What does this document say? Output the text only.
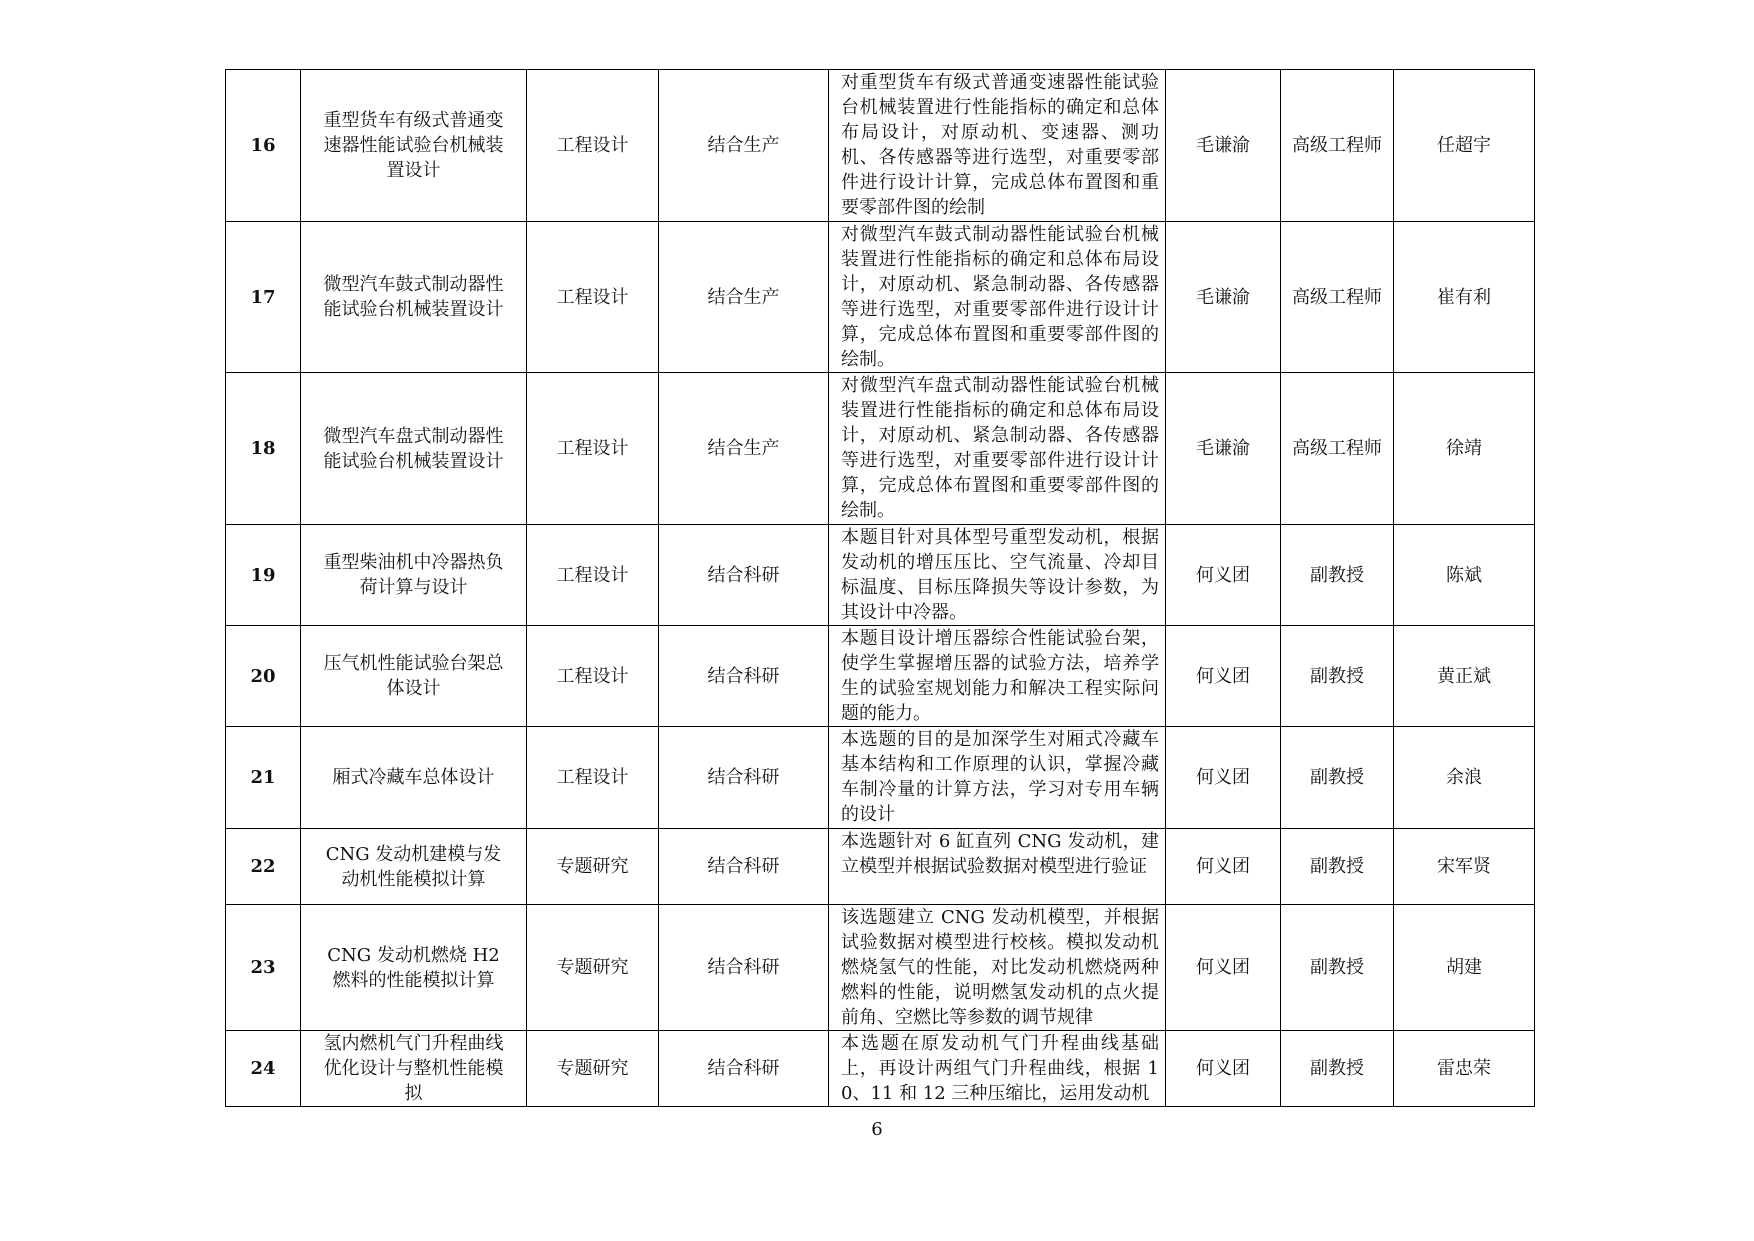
16	重型货车有级式普通变速器性能试验台机械装置设计	工程设计	结合生产	对重型货车有级式普通变速器性能试验台机械装置进行性能指标的确定和总体布局设计，对原动机、变速器、测功机、各传感器等进行选型，对重要零部件进行设计计算，完成总体布置图和重要零部件图的绘制	毛谦渝	高级工程师	任超宇
17	微型汽车鼓式制动器性能试验台机械装置设计	工程设计	结合生产	对微型汽车鼓式制动器性能试验台机械装置进行性能指标的确定和总体布局设计，对原动机、紧急制动器、各传感器等进行选型，对重要零部件进行设计计算，完成总体布置图和重要零部件图的绘制。	毛谦渝	高级工程师	崔有利
18	微型汽车盘式制动器性能试验台机械装置设计	工程设计	结合生产	对微型汽车盘式制动器性能试验台机械装置进行性能指标的确定和总体布局设计，对原动机、紧急制动器、各传感器等进行选型，对重要零部件进行设计计算，完成总体布置图和重要零部件图的绘制。	毛谦渝	高级工程师	徐靖
19	重型柴油机中冷器热负荷计算与设计	工程设计	结合科研	本题目针对具体型号重型发动机，根据发动机的增压压比、空气流量、冷却目标温度、目标压降损失等设计参数，为其设计中冷器。	何义团	副教授	陈斌
20	压气机性能试验台架总体设计	工程设计	结合科研	本题目设计增压器综合性能试验台架，使学生掌握增压器的试验方法，培养学生的试验室规划能力和解决工程实际问题的能力。	何义团	副教授	黄正斌
21	厢式冷藏车总体设计	工程设计	结合科研	本选题的目的是加深学生对厢式冷藏车基本结构和工作原理的认识，掌握冷藏车制冷量的计算方法，学习对专用车辆的设计	何义团	副教授	余浪
22	CNG 发动机建模与发动机性能模拟计算	专题研究	结合科研	本选题针对 6 缸直列 CNG 发动机，建立模型并根据试验数据对模型进行验证	何义团	副教授	宋军贤
23	CNG 发动机燃烧 H2 燃料的性能模拟计算	专题研究	结合科研	该选题建立 CNG 发动机模型，并根据试验数据对模型进行校核。模拟发动机燃烧氢气的性能，对比发动机燃烧两种燃料的性能，说明燃氢发动机的点火提前角、空燃比等参数的调节规律	何义团	副教授	胡建
24	氢内燃机气门升程曲线优化设计与整机性能模拟	专题研究	结合科研	本选题在原发动机气门升程曲线基础上，再设计两组气门升程曲线，根据 10、11 和 12 三种压缩比，运用发动机	何义团	副教授	雷忠荣
6
